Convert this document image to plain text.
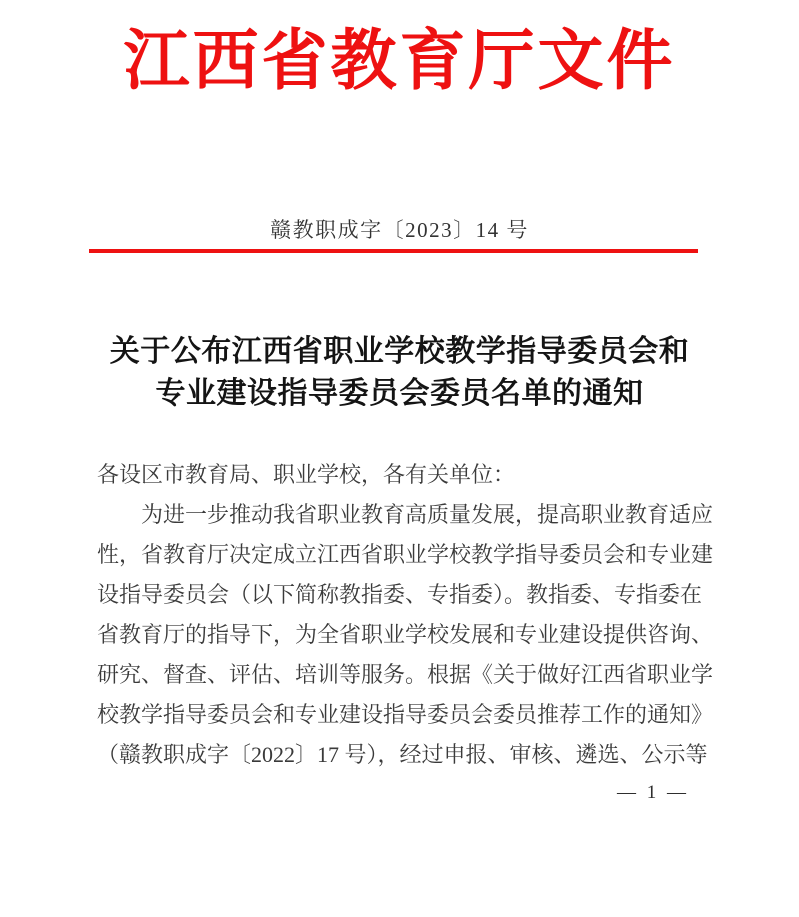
江西省教育厅文件
赣教职成字〔2023〕14 号
关于公布江西省职业学校教学指导委员会和
专业建设指导委员会委员名单的通知
各设区市教育局、职业学校，各有关单位：
　　为进一步推动我省职业教育高质量发展，提高职业教育适应
性，省教育厅决定成立江西省职业学校教学指导委员会和专业建
设指导委员会（以下简称教指委、专指委）。教指委、专指委在
省教育厅的指导下，为全省职业学校发展和专业建设提供咨询、
研究、督查、评估、培训等服务。根据《关于做好江西省职业学
校教学指导委员会和专业建设指导委员会委员推荐工作的通知》
（赣教职成字〔2022〕17 号），经过申报、审核、遴选、公示等
— 1 —
